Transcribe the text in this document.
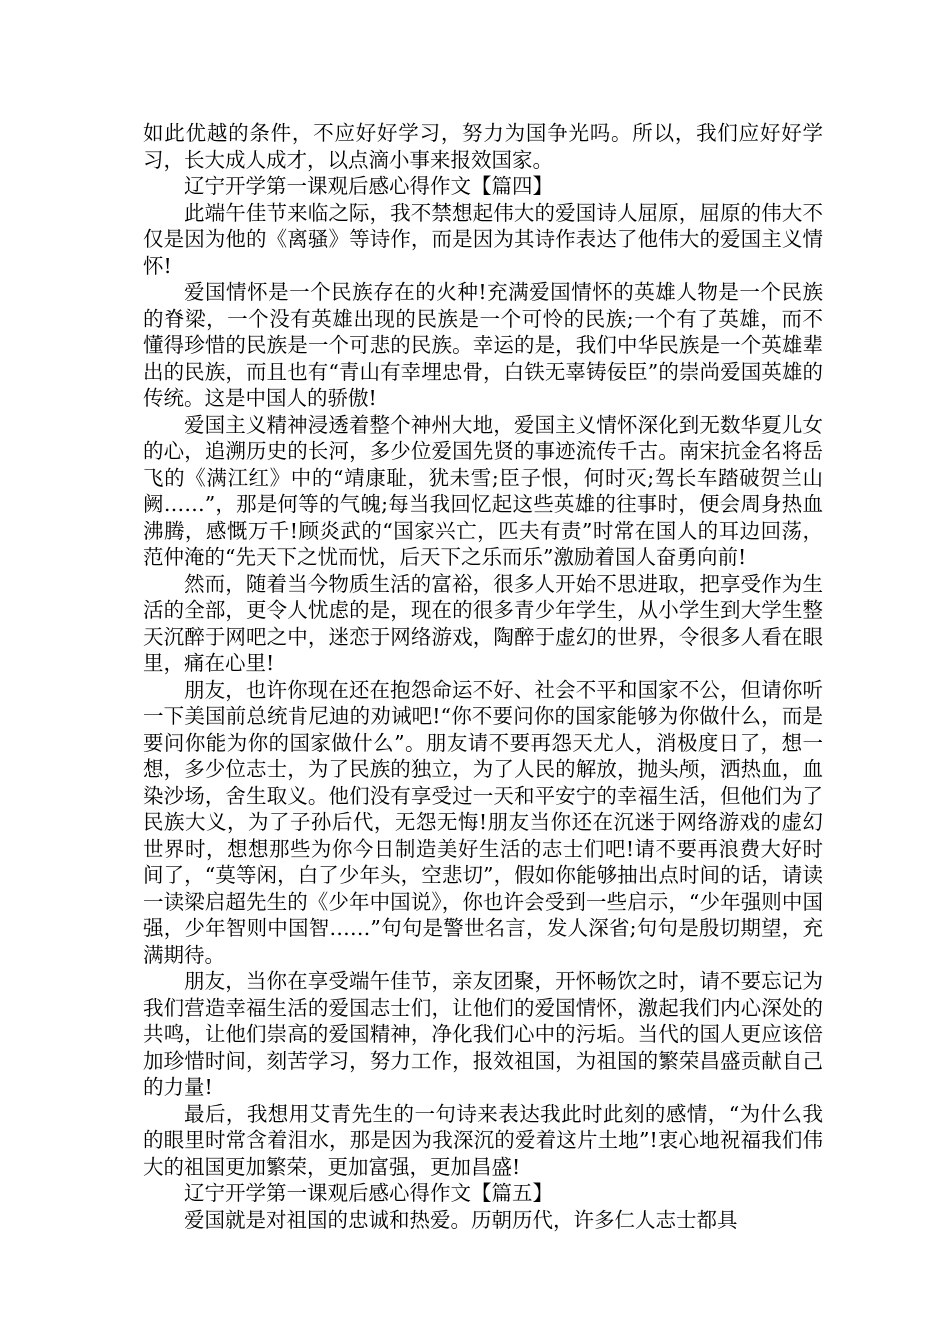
如此优越的条件，不应好好学习，努力为国争光吗。所以，我们应好好学习，长大成人成才，以点滴小事来报效国家。

辽宁开学第一课观后感心得作文【篇四】

此端午佳节来临之际，我不禁想起伟大的爱国诗人屈原，屈原的伟大不仅是因为他的《离骚》等诗作，而是因为其诗作表达了他伟大的爱国主义情怀!

爱国情怀是一个民族存在的火种!充满爱国情怀的英雄人物是一个民族的脊梁，一个没有英雄出现的民族是一个可怜的民族;一个有了英雄，而不懂得珍惜的民族是一个可悲的民族。幸运的是，我们中华民族是一个英雄辈出的民族，而且也有“青山有幸埋忠骨，白铁无辜铸佞臣”的崇尚爱国英雄的传统。这是中国人的骄傲!

爱国主义精神浸透着整个神州大地，爱国主义情怀深化到无数华夏儿女的心，追溯历史的长河，多少位爱国先贤的事迹流传千古。南宋抗金名将岳飞的《满江红》中的“靖康耻，犹未雪;臣子恨，何时灭;驾长车踏破贺兰山阙……”，那是何等的气魄;每当我回忆起这些英雄的往事时，便会周身热血沸腾，感慨万千!顾炎武的“国家兴亡，匹夫有责”时常在国人的耳边回荡，范仲淹的“先天下之忧而忧，后天下之乐而乐”激励着国人奋勇向前!

然而，随着当今物质生活的富裕，很多人开始不思进取，把享受作为生活的全部，更令人忧虑的是，现在的很多青少年学生，从小学生到大学生整天沉醉于网吧之中，迷恋于网络游戏，陶醉于虚幻的世界，令很多人看在眼里，痛在心里!

朋友，也许你现在还在抱怨命运不好、社会不平和国家不公，但请你听一下美国前总统肯尼迪的劝诫吧!“你不要问你的国家能够为你做什么，而是要问你能为你的国家做什么”。朋友请不要再怨天尤人，消极度日了，想一想，多少位志士，为了民族的独立，为了人民的解放，抛头颅，洒热血，血染沙场，舍生取义。他们没有享受过一天和平安宁的幸福生活，但他们为了民族大义，为了子孙后代，无怨无悔!朋友当你还在沉迷于网络游戏的虚幻世界时，想想那些为你今日制造美好生活的志士们吧!请不要再浪费大好时间了，“莫等闲，白了少年头，空悲切”，假如你能够抽出点时间的话，请读一读梁启超先生的《少年中国说》，你也许会受到一些启示，“少年强则中国强，少年智则中国智……”句句是警世名言，发人深省;句句是殷切期望，充满期待。

朋友，当你在享受端午佳节，亲友团聚，开怀畅饮之时，请不要忘记为我们营造幸福生活的爱国志士们，让他们的爱国情怀，激起我们内心深处的共鸣，让他们崇高的爱国精神，净化我们心中的污垢。当代的国人更应该倍加珍惜时间，刻苦学习，努力工作，报效祖国，为祖国的繁荣昌盛贡献自己的力量!

最后，我想用艾青先生的一句诗来表达我此时此刻的感情，“为什么我的眼里时常含着泪水，那是因为我深沉的爱着这片土地”!衷心地祝福我们伟大的祖国更加繁荣，更加富强，更加昌盛!

辽宁开学第一课观后感心得作文【篇五】

爱国就是对祖国的忠诚和热爱。历朝历代，许多仁人志士都具
